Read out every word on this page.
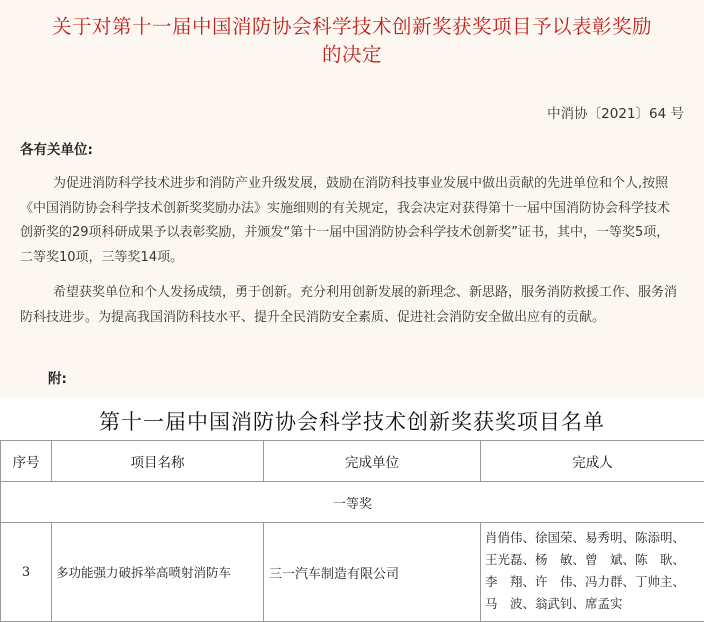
关于对第十一届中国消防协会科学技术创新奖获奖项目予以表彰奖励
的决定
中消协〔2021〕64 号
各有关单位:

为促进消防科学技术进步和消防产业升级发展，鼓励在消防科技事业发展中做出贡献的先进单位和个人,按照《中国消防协会科学技术创新奖奖励办法》实施细则的有关规定，我会决定对获得第十一届中国消防协会科学技术创新奖的29项科研成果予以表彰奖励，并颁发“第十一届中国消防协会科学技术创新奖”证书，其中，一等奖5项，二等奖10项，三等奖14项。

希望获奖单位和个人发扬成绩，勇于创新。充分利用创新发展的新理念、新思路，服务消防救援工作、服务消防科技进步。为提高我国消防科技水平、提升全民消防安全素质、促进社会消防安全做出应有的贡献。

附:
第十一届中国消防协会科学技术创新奖获奖项目名单
序号	项目名称	完成单位	完成人
一等奖			
3	多功能强力破拆举高喷射消防车	三一汽车制造有限公司	肖俏伟、徐国荣、易秀明、陈添明、
王光磊、杨　敏、曾　斌、陈　耿、
李　翔、许　伟、冯力群、丁帅主、
马　波、翁武钊、席孟实
